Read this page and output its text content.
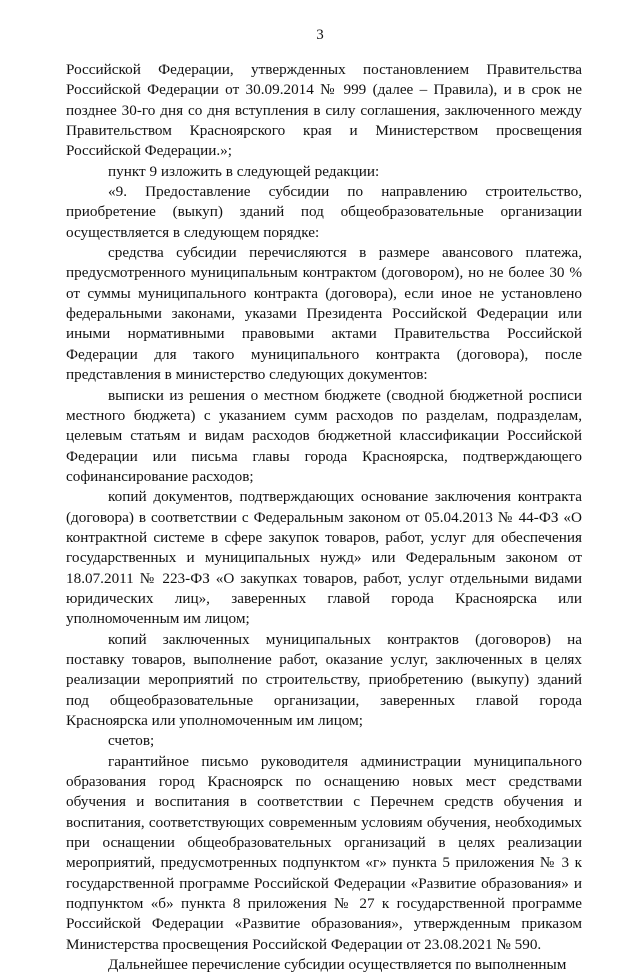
3

Российской Федерации, утвержденных постановлением Правительства Российской Федерации от 30.09.2014 № 999 (далее – Правила), и в срок не позднее 30-го дня со дня вступления в силу соглашения, заключенного между Правительством Красноярского края и Министерством просвещения Российской Федерации.»;

пункт 9 изложить в следующей редакции:

«9. Предоставление субсидии по направлению строительство, приобретение (выкуп) зданий под общеобразовательные организации осуществляется в следующем порядке:

средства субсидии перечисляются в размере авансового платежа, предусмотренного муниципальным контрактом (договором), но не более 30 % от суммы муниципального контракта (договора), если иное не установлено федеральными законами, указами Президента Российской Федерации или иными нормативными правовыми актами Правительства Российской Федерации для такого муниципального контракта (договора), после представления в министерство следующих документов:

выписки из решения о местном бюджете (сводной бюджетной росписи местного бюджета) с указанием сумм расходов по разделам, подразделам, целевым статьям и видам расходов бюджетной классификации Российской Федерации или письма главы города Красноярска, подтверждающего софинансирование расходов;

копий документов, подтверждающих основание заключения контракта (договора) в соответствии с Федеральным законом от 05.04.2013 № 44-ФЗ «О контрактной системе в сфере закупок товаров, работ, услуг для обеспечения государственных и муниципальных нужд» или Федеральным законом от 18.07.2011 № 223-ФЗ «О закупках товаров, работ, услуг отдельными видами юридических лиц», заверенных главой города Красноярска или уполномоченным им лицом;

копий заключенных муниципальных контрактов (договоров) на поставку товаров, выполнение работ, оказание услуг, заключенных в целях реализации мероприятий по строительству, приобретению (выкупу) зданий под общеобразовательные организации, заверенных главой города Красноярска или уполномоченным им лицом;

счетов;

гарантийное письмо руководителя администрации муниципального образования город Красноярск по оснащению новых мест средствами обучения и воспитания в соответствии с Перечнем средств обучения и воспитания, соответствующих современным условиям обучения, необходимых при оснащении общеобразовательных организаций в целях реализации мероприятий, предусмотренных подпунктом «г» пункта 5 приложения № 3 к государственной программе Российской Федерации «Развитие образования» и подпунктом «б» пункта 8 приложения № 27 к государственной программе Российской Федерации «Развитие образования», утвержденным приказом Министерства просвещения Российской Федерации от 23.08.2021 № 590.

Дальнейшее перечисление субсидии осуществляется по выполненным
